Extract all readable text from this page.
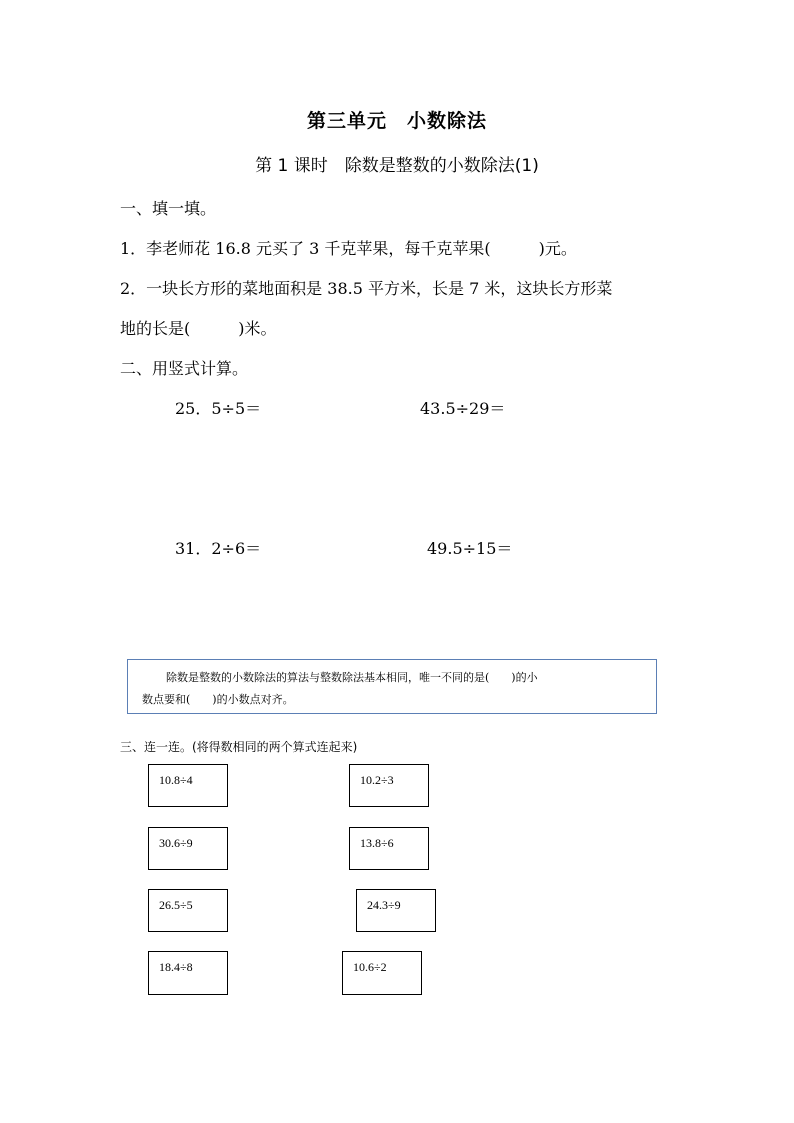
第三单元　小数除法
第 1 课时　除数是整数的小数除法(1)
一、填一填。
1．李老师花 16.8 元买了 3 千克苹果，每千克苹果(　　　)元。
2．一块长方形的菜地面积是 38.5 平方米，长是 7 米，这块长方形菜
地的长是(　　　)米。
二、用竖式计算。
25．5÷5＝	43.5÷29＝
31．2÷6＝	49.5÷15＝
除数是整数的小数除法的算法与整数除法基本相同，唯一不同的是(　　)的小
数点要和(　　)的小数点对齐。
三、连一连。(将得数相同的两个算式连起来)
10.8÷4
30.6÷9
26.5÷5
18.4÷8
10.2÷3
13.8÷6
24.3÷9
10.6÷2
